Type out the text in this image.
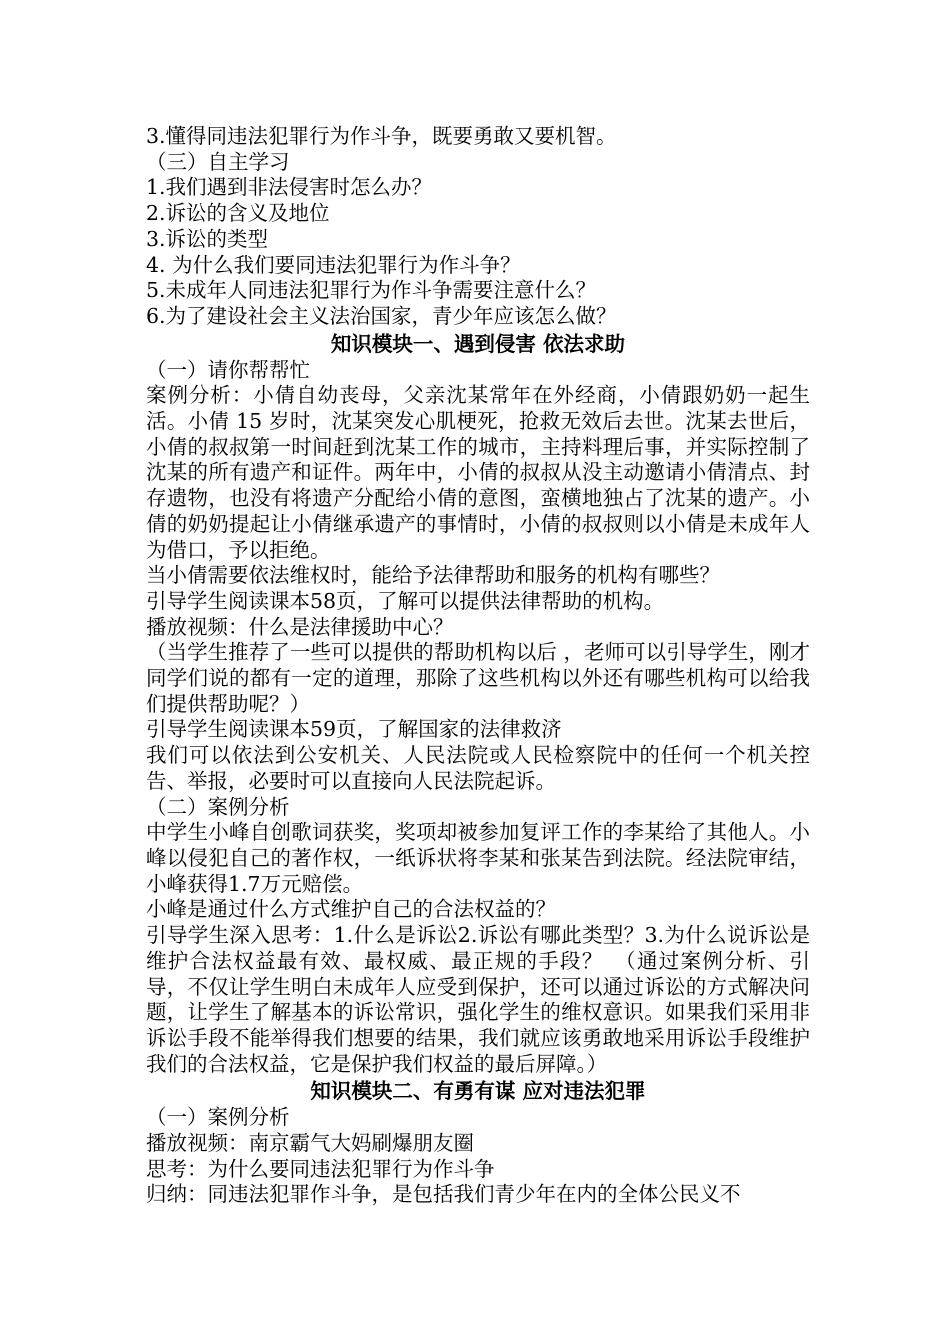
3.懂得同违法犯罪行为作斗争，既要勇敢又要机智。
（三）自主学习
1.我们遇到非法侵害时怎么办？
2.诉讼的含义及地位
3.诉讼的类型
4. 为什么我们要同违法犯罪行为作斗争？
5.未成年人同违法犯罪行为作斗争需要注意什么？
6.为了建设社会主义法治国家，青少年应该怎么做？
知识模块一、遇到侵害 依法求助
（一）请你帮帮忙
案例分析：小倩自幼丧母，父亲沈某常年在外经商，小倩跟奶奶一起生活。小倩 15 岁时，沈某突发心肌梗死，抢救无效后去世。沈某去世后，小倩的叔叔第一时间赶到沈某工作的城市，主持料理后事，并实际控制了沈某的所有遗产和证件。两年中，小倩的叔叔从没主动邀请小倩清点、封存遗物，也没有将遗产分配给小倩的意图，蛮横地独占了沈某的遗产。小倩的奶奶提起让小倩继承遗产的事情时，小倩的叔叔则以小倩是未成年人为借口，予以拒绝。
当小倩需要依法维权时，能给予法律帮助和服务的机构有哪些？
引导学生阅读课本58页，了解可以提供法律帮助的机构。
播放视频：什么是法律援助中心？
（当学生推荐了一些可以提供的帮助机构以后 ，老师可以引导学生，刚才同学们说的都有一定的道理，那除了这些机构以外还有哪些机构可以给我们提供帮助呢？）
引导学生阅读课本59页，了解国家的法律救济
我们可以依法到公安机关、人民法院或人民检察院中的任何一个机关控告、举报，必要时可以直接向人民法院起诉。
（二）案例分析
中学生小峰自创歌词获奖，奖项却被参加复评工作的李某给了其他人。小峰以侵犯自己的著作权，一纸诉状将李某和张某告到法院。经法院审结，小峰获得1.7万元赔偿。
小峰是通过什么方式维护自己的合法权益的？
引导学生深入思考：1.什么是诉讼2.诉讼有哪此类型？3.为什么说诉讼是维护合法权益最有效、最权威、最正规的手段？　（通过案例分析、引导，不仅让学生明白未成年人应受到保护，还可以通过诉讼的方式解决问题，让学生了解基本的诉讼常识，强化学生的维权意识。如果我们采用非诉讼手段不能举得我们想要的结果，我们就应该勇敢地采用诉讼手段维护我们的合法权益，它是保护我们权益的最后屏障。）
知识模块二、有勇有谋 应对违法犯罪
（一）案例分析
播放视频：南京霸气大妈刷爆朋友圈
思考：为什么要同违法犯罪行为作斗争
归纳：同违法犯罪作斗争，是包括我们青少年在内的全体公民义不
